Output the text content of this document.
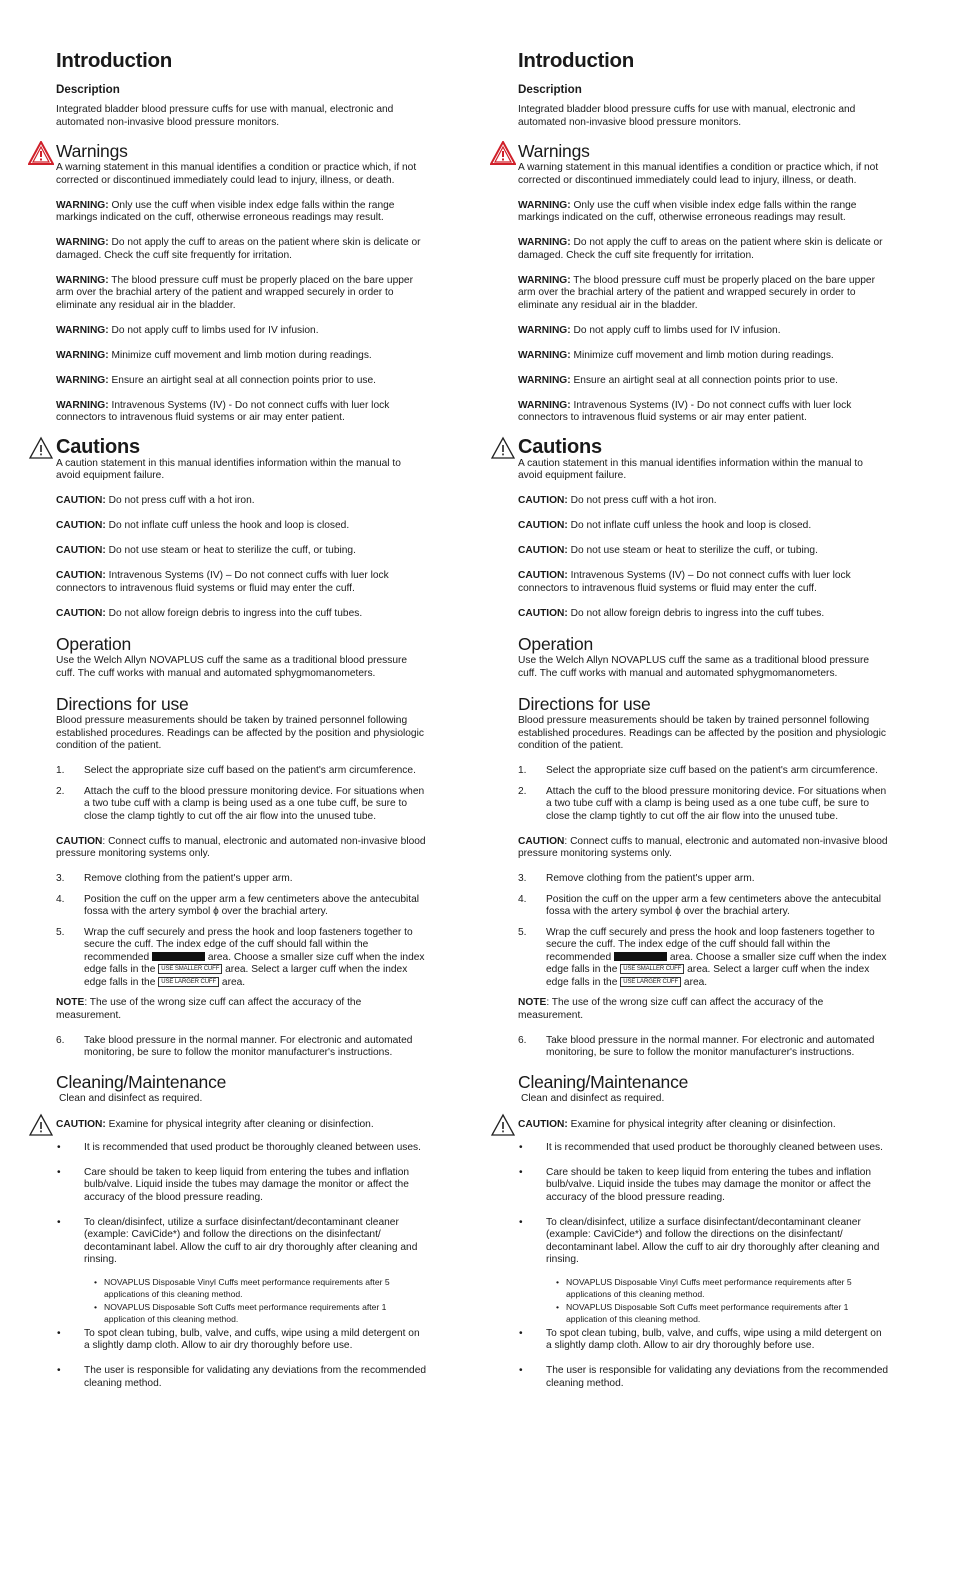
Introduction
Description

Integrated bladder blood pressure cuffs for use with manual, electronic and automated non-invasive blood pressure monitors.

Warnings

A warning statement in this manual identifies a condition or practice which, if not corrected or discontinued immediately could lead to injury, illness, or death.

WARNING: Only use the cuff when visible index edge falls within the range markings indicated on the cuff, otherwise erroneous readings may result.

WARNING: Do not apply the cuff to areas on the patient where skin is delicate or damaged. Check the cuff site frequently for irritation.

WARNING: The blood pressure cuff must be properly placed on the bare upper arm over the brachial artery of the patient and wrapped securely in order to eliminate any residual air in the bladder.

WARNING: Do not apply cuff to limbs used for IV infusion.

WARNING: Minimize cuff movement and limb motion during readings.

WARNING: Ensure an airtight seal at all connection points prior to use.

WARNING: Intravenous Systems (IV) - Do not connect cuffs with luer lock connectors to intravenous fluid systems or air may enter patient.

Cautions

A caution statement in this manual identifies information within the manual to avoid equipment failure.

CAUTION: Do not press cuff with a hot iron.

CAUTION: Do not inflate cuff unless the hook and loop is closed.

CAUTION: Do not use steam or heat to sterilize the cuff, or tubing.

CAUTION: Intravenous Systems (IV) – Do not connect cuffs with luer lock connectors to intravenous fluid systems or fluid may enter the cuff.

CAUTION: Do not allow foreign debris to ingress into the cuff tubes.

Operation

Use the Welch Allyn NOVAPLUS cuff the same as a traditional blood pressure cuff. The cuff works with manual and automated sphygmomanometers.

Directions for use

Blood pressure measurements should be taken by trained personnel following established procedures. Readings can be affected by the position and physiologic condition of the patient.

1. Select the appropriate size cuff based on the patient's arm circumference.
2. Attach the cuff to the blood pressure monitoring device. For situations when a two tube cuff with a clamp is being used as a one tube cuff, be sure to close the clamp tightly to cut off the air flow into the unused tube.

CAUTION: Connect cuffs to manual, electronic and automated non-invasive blood pressure monitoring systems only.

3. Remove clothing from the patient's upper arm.
4. Position the cuff on the upper arm a few centimeters above the antecubital fossa with the artery symbol ϕ over the brachial artery.
5. Wrap the cuff securely and press the hook and loop fasteners together to secure the cuff. The index edge of the cuff should fall within the recommended	area. Choose a smaller size cuff when the index edge falls in the USE SMALLER CUFF area. Select a larger cuff when the index edge falls in the USE LARGER CUFF area.

NOTE: The use of the wrong size cuff can affect the accuracy of the measurement.

6. Take blood pressure in the normal manner. For electronic and automated monitoring, be sure to follow the monitor manufacturer's instructions.
Cleaning/Maintenance

Clean and disinfect as required.

CAUTION: Examine for physical integrity after cleaning or disinfection.

• It is recommended that used product be thoroughly cleaned between uses.
• Care should be taken to keep liquid from entering the tubes and inflation bulb/valve. Liquid inside the tubes may damage the monitor or affect the accuracy of the blood pressure reading.
• To clean/disinfect, utilize a surface disinfectant/decontaminant cleaner (example: CaviCide*) and follow the directions on the disinfectant/ decontaminant label. Allow the cuff to air dry thoroughly after cleaning and rinsing.
• NOVAPLUS Disposable Vinyl Cuffs meet performance requirements after 5 applications of this cleaning method.
• NOVAPLUS Disposable Soft Cuffs meet performance requirements after 1 application of this cleaning method.
• To spot clean tubing, bulb, valve, and cuffs, wipe using a mild detergent on a slightly damp cloth. Allow to air dry thoroughly before use.
• The user is responsible for validating any deviations from the recommended cleaning method.
Introduction
Description

Integrated bladder blood pressure cuffs for use with manual, electronic and automated non-invasive blood pressure monitors.

Warnings

A warning statement in this manual identifies a condition or practice which, if not corrected or discontinued immediately could lead to injury, illness, or death.

WARNING: Only use the cuff when visible index edge falls within the range markings indicated on the cuff, otherwise erroneous readings may result.

WARNING: Do not apply the cuff to areas on the patient where skin is delicate or damaged. Check the cuff site frequently for irritation.

WARNING: The blood pressure cuff must be properly placed on the bare upper arm over the brachial artery of the patient and wrapped securely in order to eliminate any residual air in the bladder.

WARNING: Do not apply cuff to limbs used for IV infusion.

WARNING: Minimize cuff movement and limb motion during readings.

WARNING: Ensure an airtight seal at all connection points prior to use.

WARNING: Intravenous Systems (IV) - Do not connect cuffs with luer lock connectors to intravenous fluid systems or air may enter patient.

Cautions

A caution statement in this manual identifies information within the manual to avoid equipment failure.

CAUTION: Do not press cuff with a hot iron.

CAUTION: Do not inflate cuff unless the hook and loop is closed.

CAUTION: Do not use steam or heat to sterilize the cuff, or tubing.

CAUTION: Intravenous Systems (IV) – Do not connect cuffs with luer lock connectors to intravenous fluid systems or fluid may enter the cuff.

CAUTION: Do not allow foreign debris to ingress into the cuff tubes.

Operation

Use the Welch Allyn NOVAPLUS cuff the same as a traditional blood pressure cuff. The cuff works with manual and automated sphygmomanometers.

Directions for use

Blood pressure measurements should be taken by trained personnel following established procedures. Readings can be affected by the position and physiologic condition of the patient.

1. Select the appropriate size cuff based on the patient's arm circumference.
2. Attach the cuff to the blood pressure monitoring device. For situations when a two tube cuff with a clamp is being used as a one tube cuff, be sure to close the clamp tightly to cut off the air flow into the unused tube.

CAUTION: Connect cuffs to manual, electronic and automated non-invasive blood pressure monitoring systems only.

3. Remove clothing from the patient's upper arm.
4. Position the cuff on the upper arm a few centimeters above the antecubital fossa with the artery symbol ϕ over the brachial artery.
5. Wrap the cuff securely and press the hook and loop fasteners together to secure the cuff. The index edge of the cuff should fall within the recommended	area. Choose a smaller size cuff when the index edge falls in the USE SMALLER CUFF area. Select a larger cuff when the index edge falls in the USE LARGER CUFF area.

NOTE: The use of the wrong size cuff can affect the accuracy of the measurement.

6. Take blood pressure in the normal manner. For electronic and automated monitoring, be sure to follow the monitor manufacturer's instructions.
Cleaning/Maintenance

Clean and disinfect as required.

CAUTION: Examine for physical integrity after cleaning or disinfection.

• It is recommended that used product be thoroughly cleaned between uses.
• Care should be taken to keep liquid from entering the tubes and inflation bulb/valve. Liquid inside the tubes may damage the monitor or affect the accuracy of the blood pressure reading.
• To clean/disinfect, utilize a surface disinfectant/decontaminant cleaner (example: CaviCide*) and follow the directions on the disinfectant/ decontaminant label. Allow the cuff to air dry thoroughly after cleaning and rinsing.
• NOVAPLUS Disposable Vinyl Cuffs meet performance requirements after 5 applications of this cleaning method.
• NOVAPLUS Disposable Soft Cuffs meet performance requirements after 1 application of this cleaning method.
• To spot clean tubing, bulb, valve, and cuffs, wipe using a mild detergent on a slightly damp cloth. Allow to air dry thoroughly before use.
• The user is responsible for validating any deviations from the recommended cleaning method.
